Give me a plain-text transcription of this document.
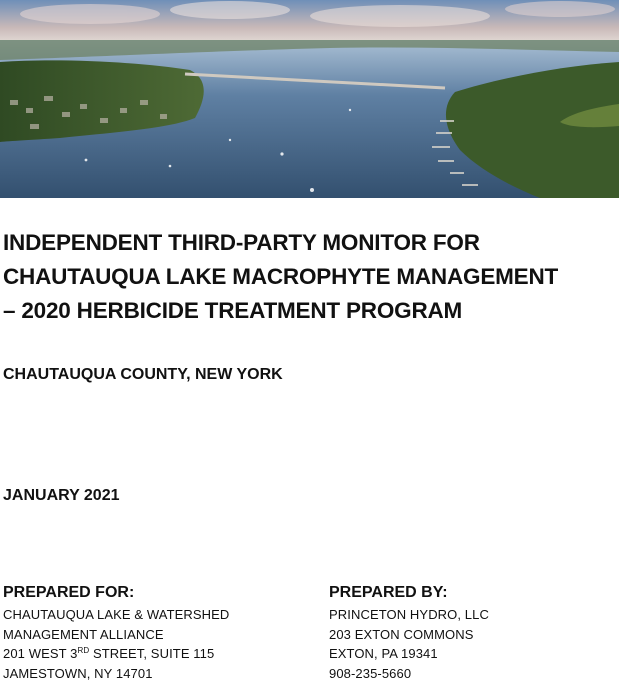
INDEPENDENT THIRD-PARTY MONITOR FOR
CHAUTAUQUA LAKE MACROPHYTE MANAGEMENT
– 2020 HERBICIDE TREATMENT PROGRAM
CHAUTAUQUA COUNTY, NEW YORK
JANUARY 2021
PREPARED FOR:
CHAUTAUQUA LAKE & WATERSHED
MANAGEMENT ALLIANCE
201 WEST 3RD STREET, SUITE 115
JAMESTOWN, NY 14701
PREPARED BY:
PRINCETON HYDRO, LLC
203 EXTON COMMONS
EXTON, PA 19341
908-235-5660
